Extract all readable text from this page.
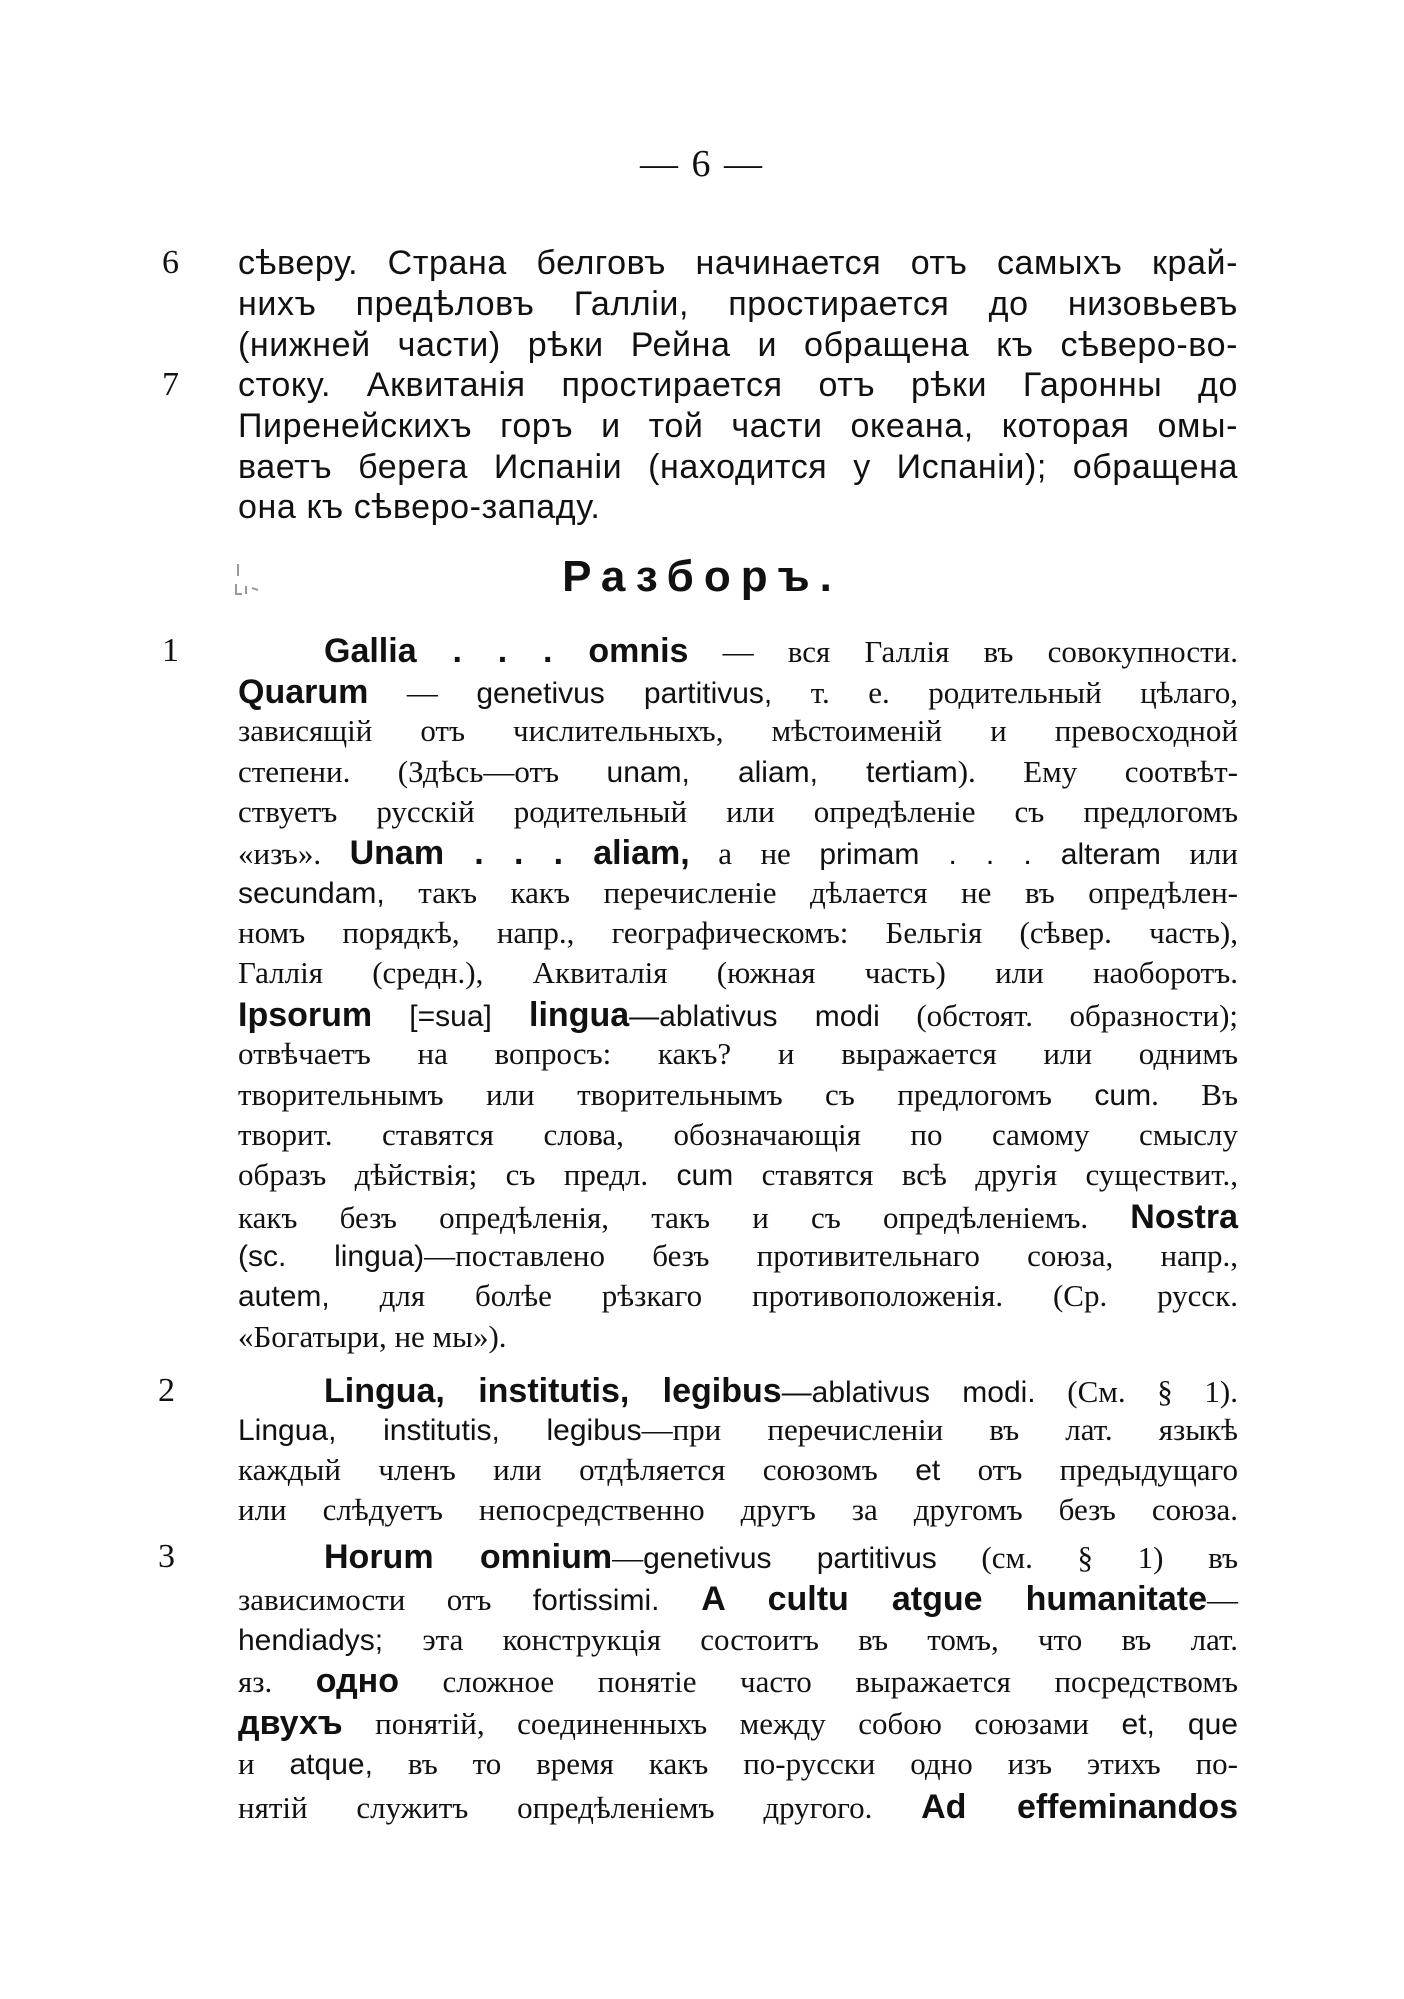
— 6 —
6
7
сѣверу. Страна белговъ начинается отъ самыхъ край-
нихъ предѣловъ Галліи, простирается до низовьевъ
(нижней части) рѣки Рейна и обращена къ сѣверо-во-
стоку. Аквитанія простирается отъ рѣки Гаронны до
Пиренейскихъ горъ и той части океана, которая омы-
ваетъ берега Испаніи (находится у Испаніи); обращена
она къ сѣверо-западу.
Разборъ.
1
2
3
Gallia . . . omnis — вся Галлія въ совокупности.
Quarum — genetivus partitivus, т. е. родительный цѣлаго,
зависящій отъ числительныхъ, мѣстоименій и превосходной
степени. (Здѣсь—отъ unam, aliam, tertiam). Ему соотвѣт-
ствуетъ русскій родительный или опредѣленіе съ предлогомъ
«изъ». Unam . . . aliam, а не primam . . . alteram или
secundam, такъ какъ перечисленіе дѣлается не въ опредѣлен-
номъ порядкѣ, напр., географическомъ: Бельгія (сѣвер. часть),
Галлія (средн.), Аквиталія (южная часть) или наоборотъ.
Ipsorum [=sua] lingua—ablativus modi (обстоят. образности);
отвѣчаетъ на вопросъ: какъ? и выражается или однимъ
творительнымъ или творительнымъ съ предлогомъ cum. Въ
творит. ставятся слова, обозначающія по самому смыслу
образъ дѣйствія; съ предл. cum ставятся всѣ другія существит.,
какъ безъ опредѣленія, такъ и съ опредѣленіемъ. Nostra
(sc. lingua)—поставлено безъ противительнаго союза, напр.,
autem, для болѣе рѣзкаго противоположенія. (Ср. русск.
«Богатыри, не мы»).
Lingua, institutis, legibus—ablativus modi. (См. § 1).
Lingua, institutis, legibus—при перечисленіи въ лат. языкѣ
каждый членъ или отдѣляется союзомъ et отъ предыдущаго
или слѣдуетъ непосредственно другъ за другомъ безъ союза.
Horum omnium—genetivus partitivus (см. § 1) въ
зависимости отъ fortissimi. A cultu atgue humanitate—
hendiadys; эта конструкція состоитъ въ томъ, что въ лат.
яз. одно сложное понятіе часто выражается посредствомъ
двухъ понятій, соединенныхъ между собою союзами et, que
и atque, въ то время какъ по-русски одно изъ этихъ по-
нятій служитъ опредѣленіемъ другого. Ad effeminandos
